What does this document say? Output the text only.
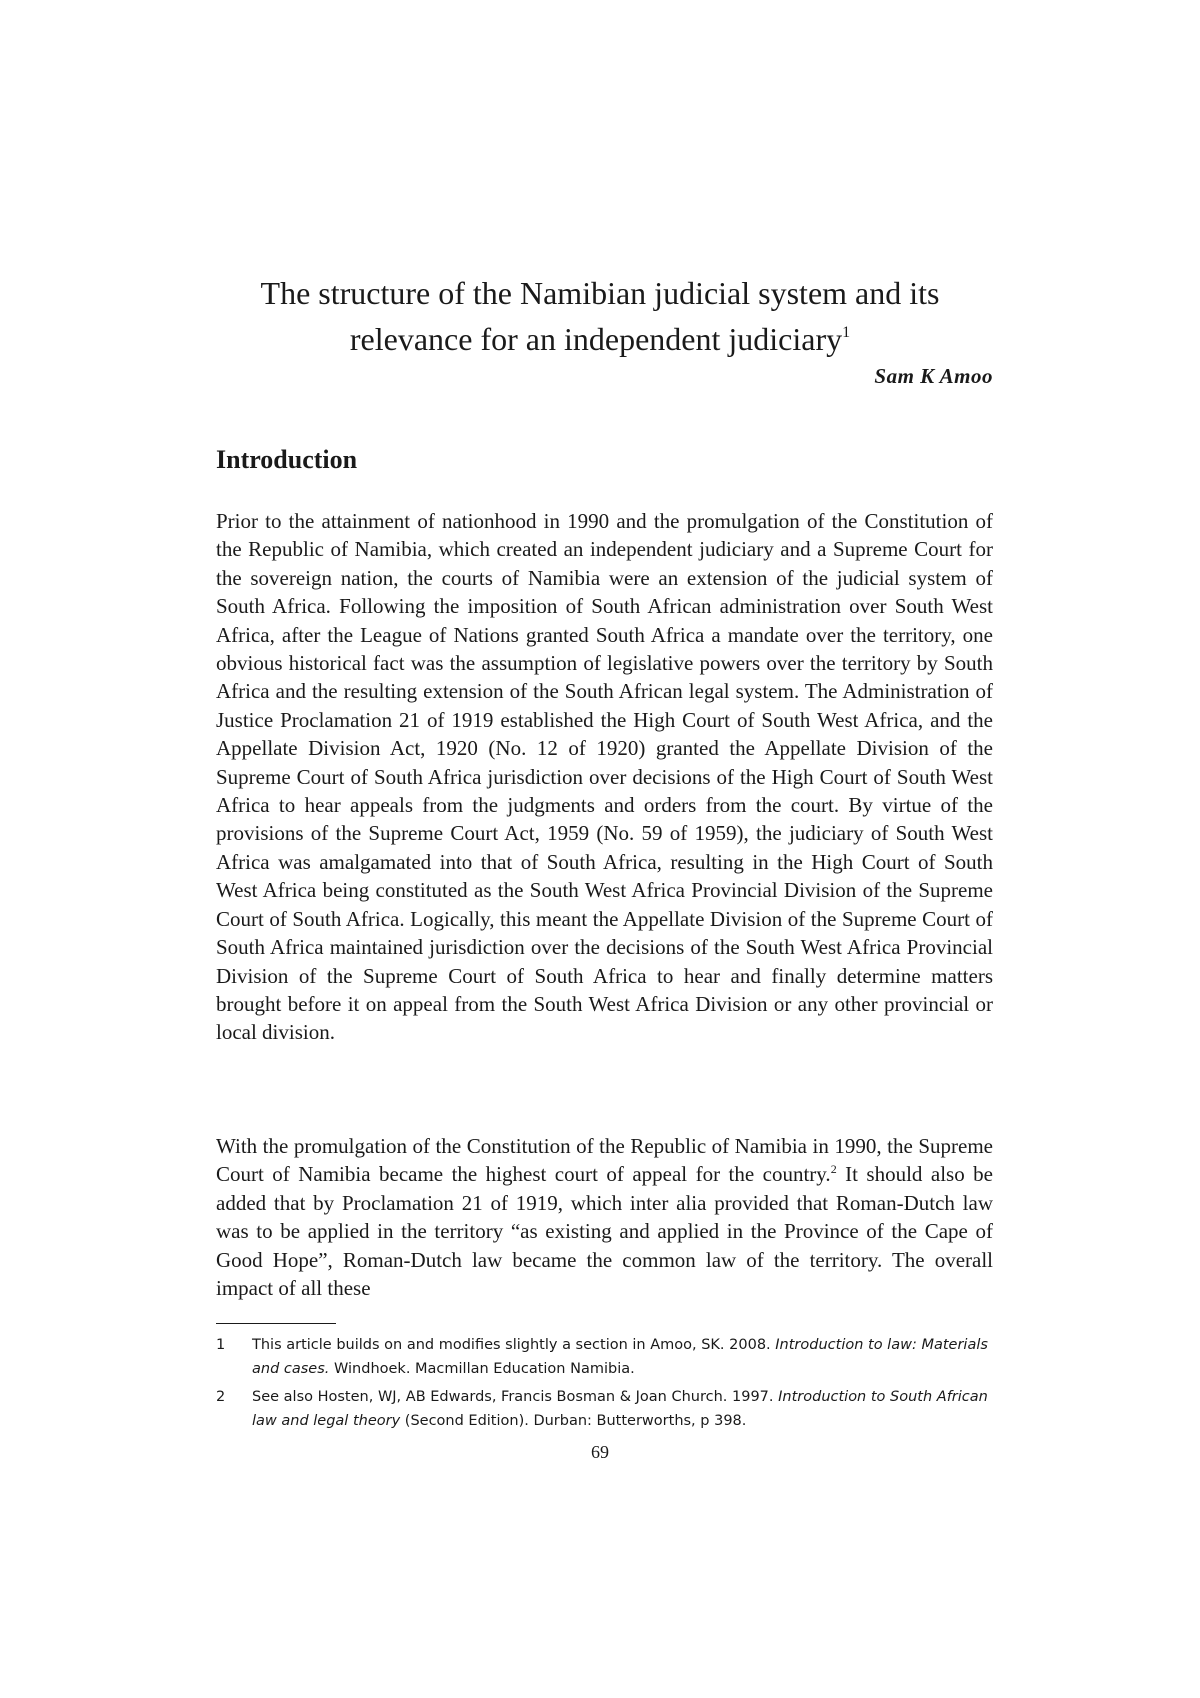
The structure of the Namibian judicial system and its
relevance for an independent judiciary$^1$
Sam K Amoo
Introduction

Prior to the attainment of nationhood in 1990 and the promulgation of the Constitution of the Republic of Namibia, which created an independent judiciary and a Supreme Court for the sovereign nation, the courts of Namibia were an extension of the judicial system of South Africa. Following the imposition of South African administration over South West Africa, after the League of Nations granted South Africa a mandate over the territory, one obvious historical fact was the assumption of legislative powers over the territory by South Africa and the resulting extension of the South African legal system. The Administration of Justice Proclamation 21 of 1919 established the High Court of South West Africa, and the Appellate Division Act, 1920 (No. 12 of 1920) granted the Appellate Division of the Supreme Court of South Africa jurisdiction over decisions of the High Court of South West Africa to hear appeals from the judgments and orders from the court. By virtue of the provisions of the Supreme Court Act, 1959 (No. 59 of 1959), the judiciary of South West Africa was amalgamated into that of South Africa, resulting in the High Court of South West Africa being constituted as the South West Africa Provincial Division of the Supreme Court of South Africa. Logically, this meant the Appellate Division of the Supreme Court of South Africa maintained jurisdiction over the decisions of the South West Africa Provincial Division of the Supreme Court of South Africa to hear and finally determine matters brought before it on appeal from the South West Africa Division or any other provincial or local division.

With the promulgation of the Constitution of the Republic of Namibia in 1990, the Supreme Court of Namibia became the highest court of appeal for the country.$^2$ It should also be added that by Proclamation 21 of 1919, which inter alia provided that Roman-Dutch law was to be applied in the territory “as existing and applied in the Province of the Cape of Good Hope”, Roman-Dutch law became the common law of the territory. The overall impact of all these

1	This article builds on and modifies slightly a section in Amoo, SK. 2008. Introduction to law: Materials and cases. Windhoek. Macmillan Education Namibia.
2	See also Hosten, WJ, AB Edwards, Francis Bosman & Joan Church. 1997. Introduction to South African law and legal theory (Second Edition). Durban: Butterworths, p 398.
69
